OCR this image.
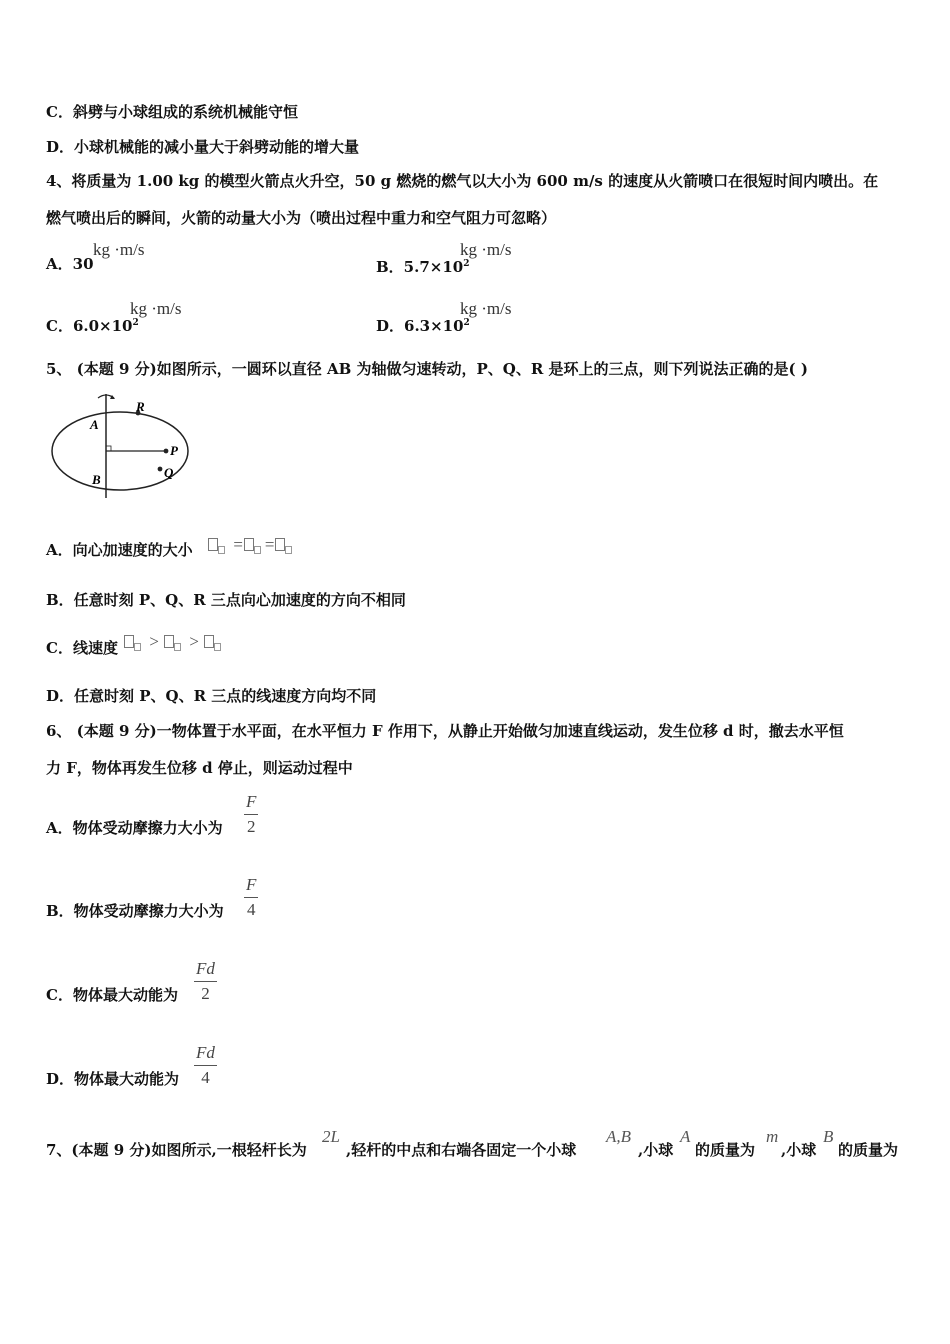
C．斜劈与小球组成的系统机械能守恒
D．小球机械能的减小量大于斜劈动能的增大量
4、将质量为 1.00 kg 的模型火箭点火升空，50 g 燃烧的燃气以大小为 600 m/s 的速度从火箭喷口在很短时间内喷出。在
燃气喷出后的瞬间，火箭的动量大小为（喷出过程中重力和空气阻力可忽略）
A．30
kg ·m/s
B．$5.7\times 10^2$
kg ·m/s
C．$6.0\times 10^2$
kg ·m/s
D．$6.3\times 10^2$
kg ·m/s
5、 (本题 9 分)如图所示，一圆环以直径 AB 为轴做匀速转动，P、Q、R 是环上的三点，则下列说法正确的是( )
R
A
P
Q
B
A．向心加速度的大小	= =
B．任意时刻 P、Q、R 三点向心加速度的方向不相同
C．线速度	> >
D．任意时刻 P、Q、R 三点的线速度方向均不同
6、 (本题 9 分)一物体置于水平面，在水平恒力 F 作用下，从静止开始做匀加速直线运动，发生位移 d 时，撤去水平恒
力 F，物体再发生位移 d 停止，则运动过程中
A．物体受动摩擦力大小为
F
2
B．物体受动摩擦力大小为
F
4
C．物体最大动能为
Fd
2
D．物体最大动能为
Fd
4
7、(本题 9 分)如图所示,一根轻杆长为
2L
,轻杆的中点和右端各固定一个小球
A,B
,小球
A
的质量为
m
,小球
B
的质量为
